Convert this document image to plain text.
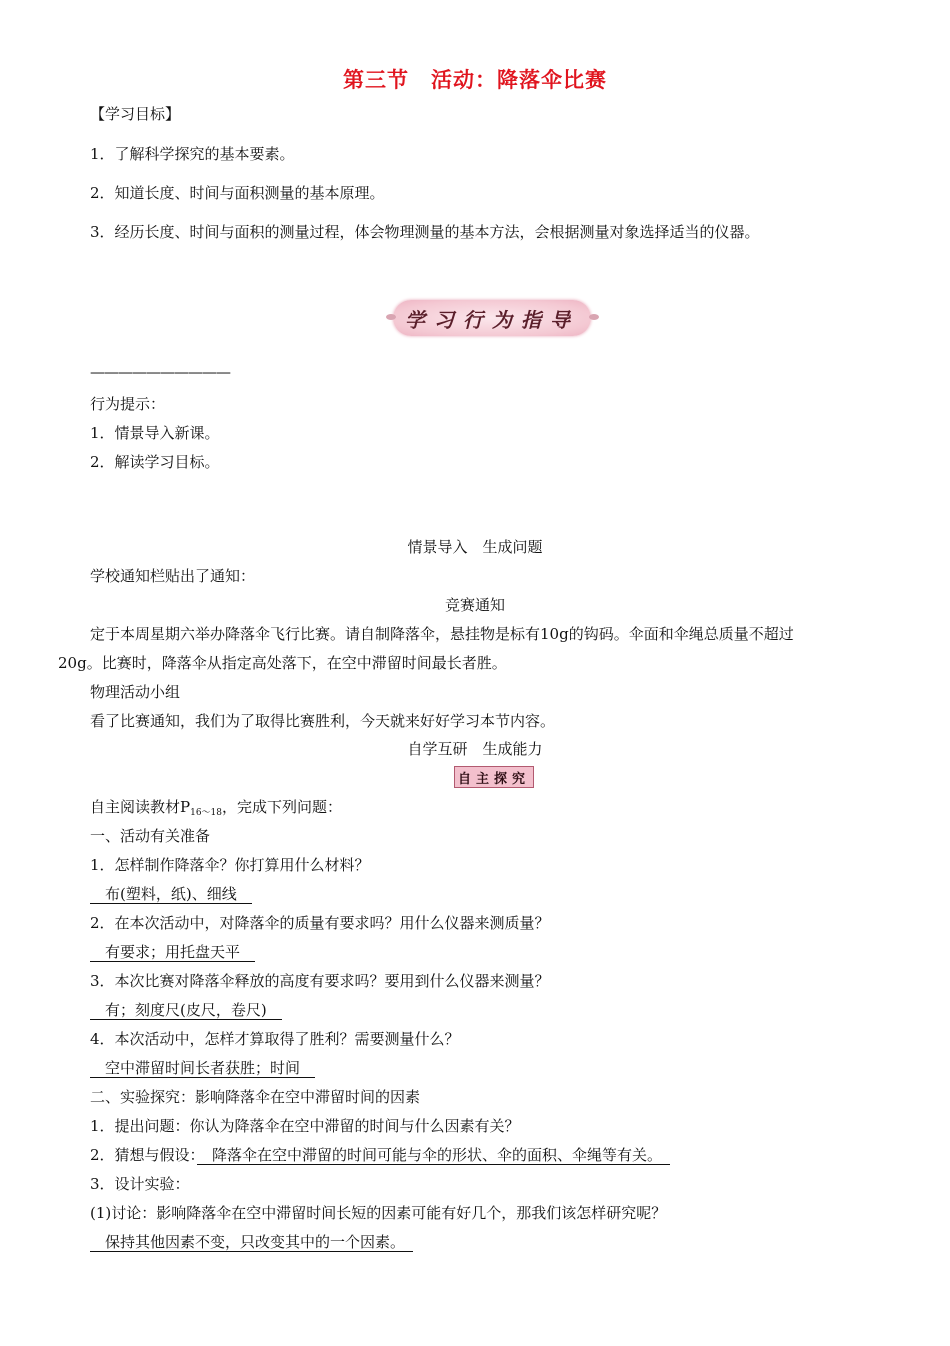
第三节　活动：降落伞比赛
【学习目标】
1．了解科学探究的基本要素。
2．知道长度、时间与面积测量的基本原理。
3．经历长度、时间与面积的测量过程，体会物理测量的基本方法，会根据测量对象选择适当的仪器。
学习行为指导
——————————
行为提示：
1．情景导入新课。
2．解读学习目标。
情景导入　生成问题
学校通知栏贴出了通知：
竞赛通知
定于本周星期六举办降落伞飞行比赛。请自制降落伞，悬挂物是标有10g的钩码。伞面和伞绳总质量不超过
20g。比赛时，降落伞从指定高处落下，在空中滞留时间最长者胜。
物理活动小组
看了比赛通知，我们为了取得比赛胜利，今天就来好好学习本节内容。
自学互研　生成能力
自主探究
自主阅读教材$P_{16\sim 18}$，完成下列问题：
一、活动有关准备
1．怎样制作降落伞？你打算用什么材料？
　布(塑料，纸)、细线　
2．在本次活动中，对降落伞的质量有要求吗？用什么仪器来测质量？
　有要求；用托盘天平　
3．本次比赛对降落伞释放的高度有要求吗？要用到什么仪器来测量？
　有；刻度尺(皮尺，卷尺)　
4．本次活动中，怎样才算取得了胜利？需要测量什么？
　空中滞留时间长者获胜；时间　
二、实验探究：影响降落伞在空中滞留时间的因素
1．提出问题：你认为降落伞在空中滞留的时间与什么因素有关？
2．猜想与假设：　降落伞在空中滞留的时间可能与伞的形状、伞的面积、伞绳等有关。　
3．设计实验：
(1)讨论：影响降落伞在空中滞留时间长短的因素可能有好几个，那我们该怎样研究呢？
　保持其他因素不变，只改变其中的一个因素。　
